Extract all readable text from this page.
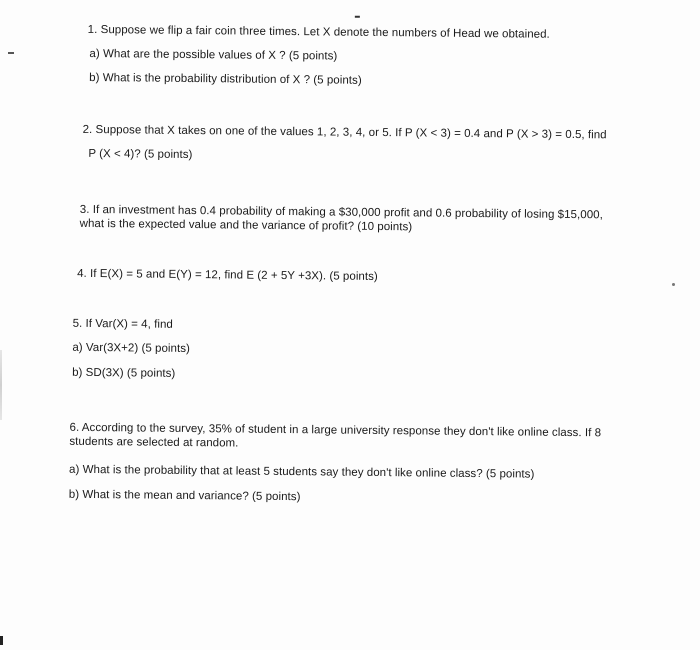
1. Suppose we flip a fair coin three times. Let X denote the numbers of Head we obtained.
a) What are the possible values of X ? (5 points)
b) What is the probability distribution of X ? (5 points)
2. Suppose that X takes on one of the values 1, 2, 3, 4, or 5. If P (X < 3) = 0.4 and P (X > 3) = 0.5, find
P (X < 4)? (5 points)
3. If an investment has 0.4 probability of making a $30,000 profit and 0.6 probability of losing $15,000,
what is the expected value and the variance of profit? (10 points)
4. If E(X) = 5 and E(Y) = 12, find E (2 + 5Y +3X). (5 points)
5. If Var(X) = 4, find
a) Var(3X+2) (5 points)
b) SD(3X) (5 points)
6. According to the survey, 35% of student in a large university response they don't like online class. If 8
students are selected at random.
a) What is the probability that at least 5 students say they don't like online class? (5 points)
b) What is the mean and variance? (5 points)
